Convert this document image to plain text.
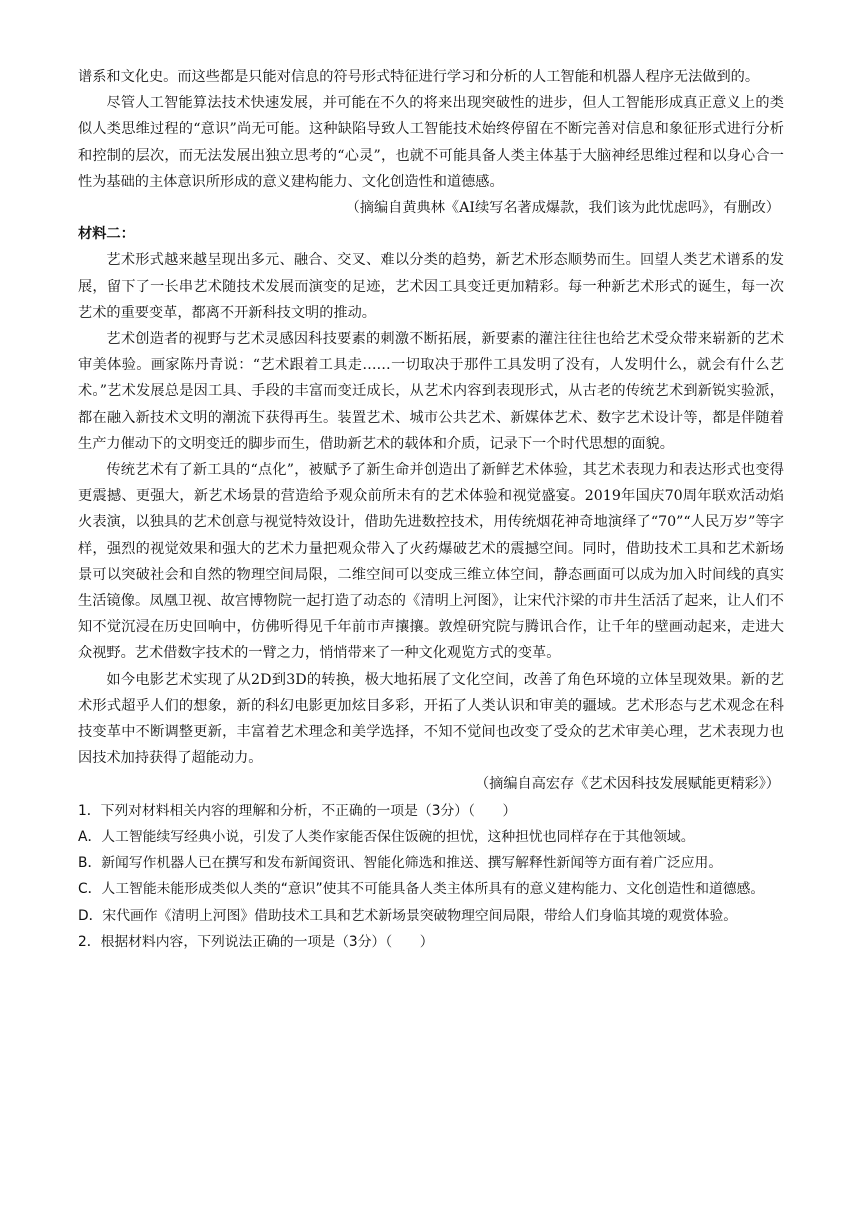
谱系和文化史。而这些都是只能对信息的符号形式特征进行学习和分析的人工智能和机器人程序无法做到的。

尽管人工智能算法技术快速发展，并可能在不久的将来出现突破性的进步，但人工智能形成真正意义上的类似人类思维过程的“意识”尚无可能。这种缺陷导致人工智能技术始终停留在不断完善对信息和象征形式进行分析和控制的层次，而无法发展出独立思考的“心灵”，也就不可能具备人类主体基于大脑神经思维过程和以身心合一性为基础的主体意识所形成的意义建构能力、文化创造性和道德感。

（摘编自黄典林《AI续写名著成爆款，我们该为此忧虑吗》，有删改）

材料二：

艺术形式越来越呈现出多元、融合、交叉、难以分类的趋势，新艺术形态顺势而生。回望人类艺术谱系的发展，留下了一长串艺术随技术发展而演变的足迹，艺术因工具变迁更加精彩。每一种新艺术形式的诞生，每一次艺术的重要变革，都离不开新科技文明的推动。

艺术创造者的视野与艺术灵感因科技要素的刺激不断拓展，新要素的灌注往往也给艺术受众带来崭新的艺术审美体验。画家陈丹青说：“艺术跟着工具走……一切取决于那件工具发明了没有，人发明什么，就会有什么艺术。”艺术发展总是因工具、手段的丰富而变迁成长，从艺术内容到表现形式，从古老的传统艺术到新锐实验派，都在融入新技术文明的潮流下获得再生。装置艺术、城市公共艺术、新媒体艺术、数字艺术设计等，都是伴随着生产力催动下的文明变迁的脚步而生，借助新艺术的载体和介质，记录下一个时代思想的面貌。

传统艺术有了新工具的“点化”，被赋予了新生命并创造出了新鲜艺术体验，其艺术表现力和表达形式也变得更震撼、更强大，新艺术场景的营造给予观众前所未有的艺术体验和视觉盛宴。2019年国庆70周年联欢活动焰火表演，以独具的艺术创意与视觉特效设计，借助先进数控技术，用传统烟花神奇地演绎了“70”“人民万岁”等字样，强烈的视觉效果和强大的艺术力量把观众带入了火药爆破艺术的震撼空间。同时，借助技术工具和艺术新场景可以突破社会和自然的物理空间局限，二维空间可以变成三维立体空间，静态画面可以成为加入时间线的真实生活镜像。凤凰卫视、故宫博物院一起打造了动态的《清明上河图》，让宋代汴梁的市井生活活了起来，让人们不知不觉沉浸在历史回响中，仿佛听得见千年前市声攘攘。敦煌研究院与腾讯合作，让千年的壁画动起来，走进大众视野。艺术借数字技术的一臂之力，悄悄带来了一种文化观览方式的变革。

如今电影艺术实现了从2D到3D的转换，极大地拓展了文化空间，改善了角色环境的立体呈现效果。新的艺术形式超乎人们的想象，新的科幻电影更加炫目多彩，开拓了人类认识和审美的疆域。艺术形态与艺术观念在科技变革中不断调整更新，丰富着艺术理念和美学选择，不知不觉间也改变了受众的艺术审美心理，艺术表现力也因技术加持获得了超能动力。

（摘编自高宏存《艺术因科技发展赋能更精彩》）

1．下列对材料相关内容的理解和分析，不正确的一项是（3分）（　　）

A．人工智能续写经典小说，引发了人类作家能否保住饭碗的担忧，这种担忧也同样存在于其他领域。

B．新闻写作机器人已在撰写和发布新闻资讯、智能化筛选和推送、撰写解释性新闻等方面有着广泛应用。

C．人工智能未能形成类似人类的“意识”使其不可能具备人类主体所具有的意义建构能力、文化创造性和道德感。

D．宋代画作《清明上河图》借助技术工具和艺术新场景突破物理空间局限，带给人们身临其境的观赏体验。

2．根据材料内容，下列说法正确的一项是（3分）（　　）
